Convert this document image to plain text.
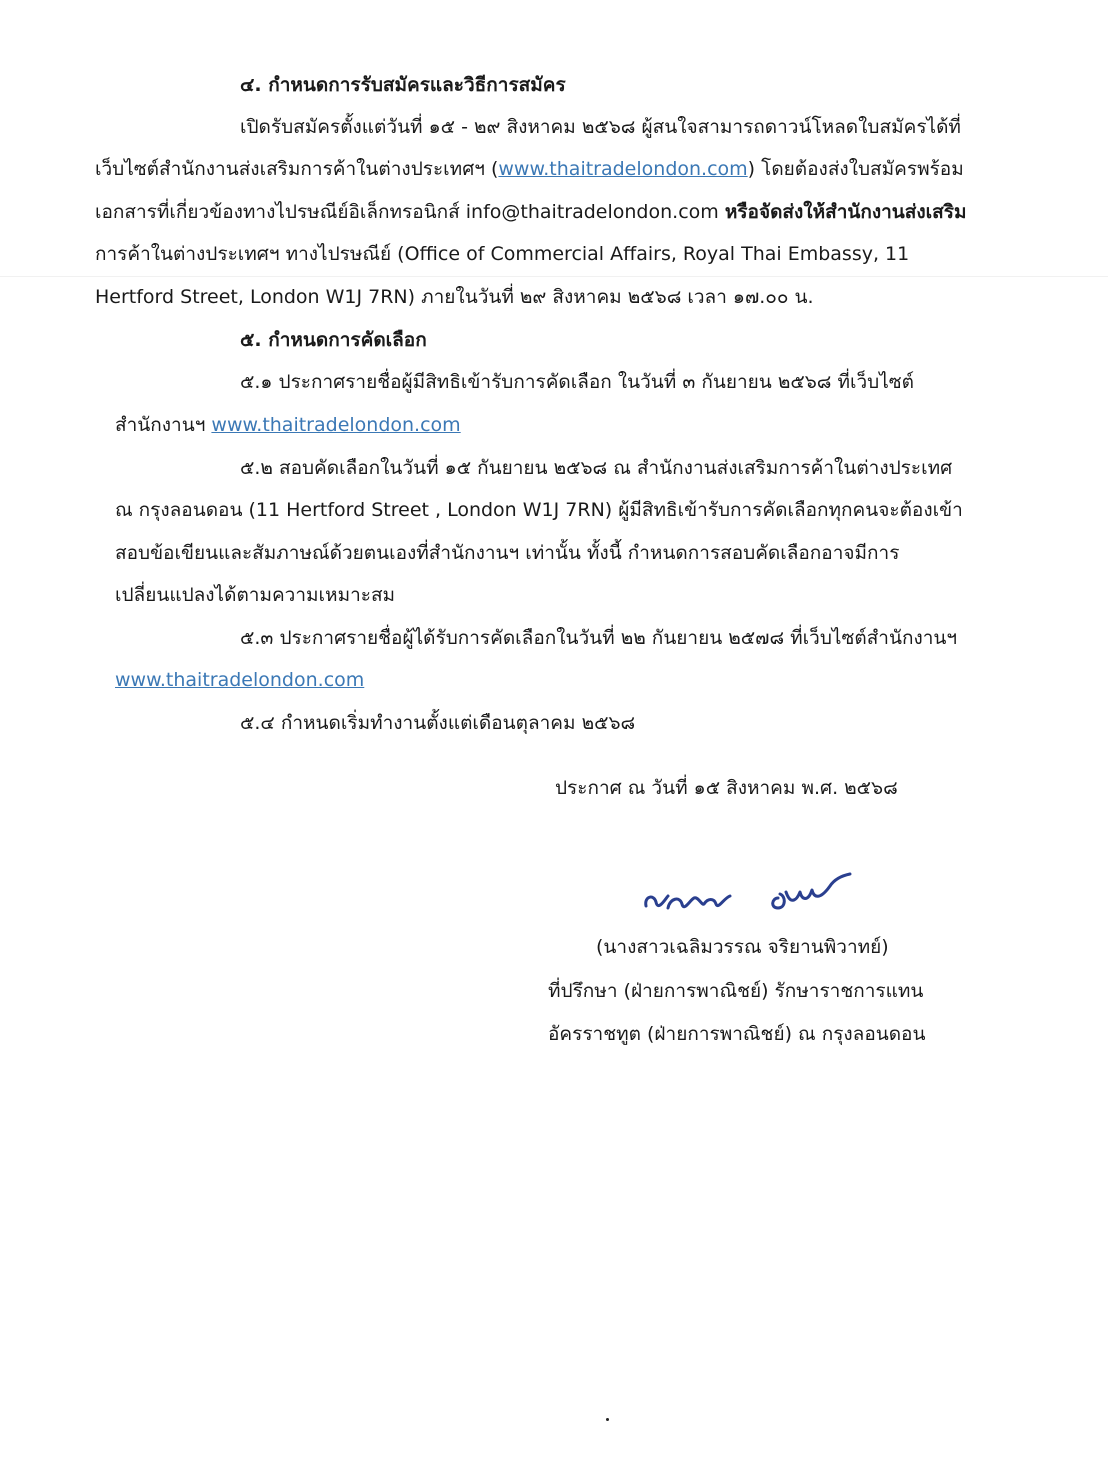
๔. กำหนดการรับสมัครและวิธีการสมัคร
เปิดรับสมัครตั้งแต่วันที่ ๑๕ - ๒๙ สิงหาคม ๒๕๖๘ ผู้สนใจสามารถดาวน์โหลดใบสมัครได้ที่
เว็บไซต์สำนักงานส่งเสริมการค้าในต่างประเทศฯ (www.thaitradelondon.com) โดยต้องส่งใบสมัครพร้อม
เอกสารที่เกี่ยวข้องทางไปรษณีย์อิเล็กทรอนิกส์ info@thaitradelondon.com หรือจัดส่งให้สำนักงานส่งเสริม
การค้าในต่างประเทศฯ ทางไปรษณีย์ (Office of Commercial Affairs, Royal Thai Embassy, 11
Hertford Street, London W1J 7RN) ภายในวันที่ ๒๙ สิงหาคม ๒๕๖๘ เวลา ๑๗.๐๐ น.
๕. กำหนดการคัดเลือก
๕.๑ ประกาศรายชื่อผู้มีสิทธิเข้ารับการคัดเลือก ในวันที่ ๓ กันยายน ๒๕๖๘ ที่เว็บไซต์
สำนักงานฯ www.thaitradelondon.com
๕.๒ สอบคัดเลือกในวันที่ ๑๕ กันยายน ๒๕๖๘ ณ สำนักงานส่งเสริมการค้าในต่างประเทศ
ณ กรุงลอนดอน (11 Hertford Street , London W1J 7RN) ผู้มีสิทธิเข้ารับการคัดเลือกทุกคนจะต้องเข้า
สอบข้อเขียนและสัมภาษณ์ด้วยตนเองที่สำนักงานฯ เท่านั้น ทั้งนี้ กำหนดการสอบคัดเลือกอาจมีการ
เปลี่ยนแปลงได้ตามความเหมาะสม
๕.๓ ประกาศรายชื่อผู้ได้รับการคัดเลือกในวันที่ ๒๒ กันยายน ๒๕๗๘ ที่เว็บไซต์สำนักงานฯ
www.thaitradelondon.com
๕.๔ กำหนดเริ่มทำงานตั้งแต่เดือนตุลาคม ๒๕๖๘
ประกาศ ณ วันที่ ๑๕ สิงหาคม พ.ศ. ๒๕๖๘
(นางสาวเฉลิมวรรณ จริยานพิวาทย์)
ที่ปรึกษา (ฝ่ายการพาณิชย์) รักษาราชการแทน
อัครราชทูต (ฝ่ายการพาณิชย์) ณ กรุงลอนดอน
